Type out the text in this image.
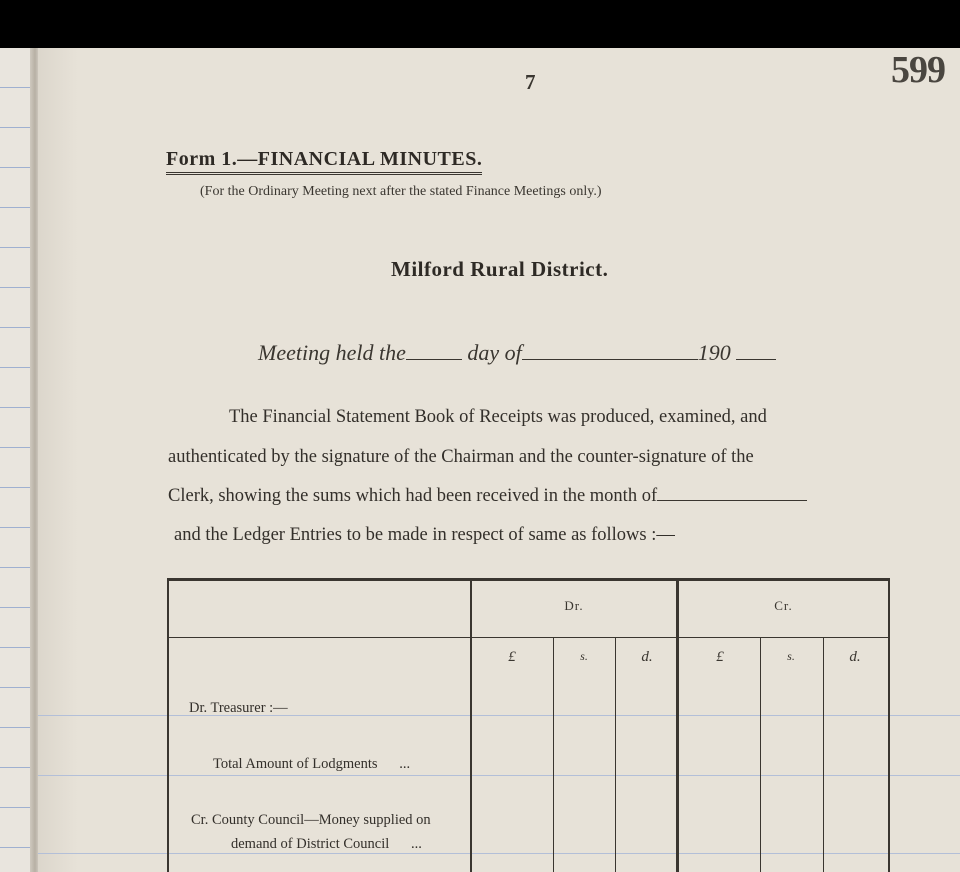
7	599
Form 1.—FINANCIAL MINUTES.
(For the Ordinary Meeting next after the stated Finance Meetings only.)
Milford Rural District.
Meeting held the	day of	190
The Financial Statement Book of Receipts was produced, examined, and
authenticated by the signature of the Chairman and the counter-signature of the
Clerk, showing the sums which had been received in the month of
and the Ledger Entries to be made in respect of same as follows :—
Dr.	Cr.
£	s.	d.	£	s.	d.
Dr. Treasurer :—
Total Amount of Lodgments      ...
Cr. County Council—Money supplied on
demand of District Council      ...
